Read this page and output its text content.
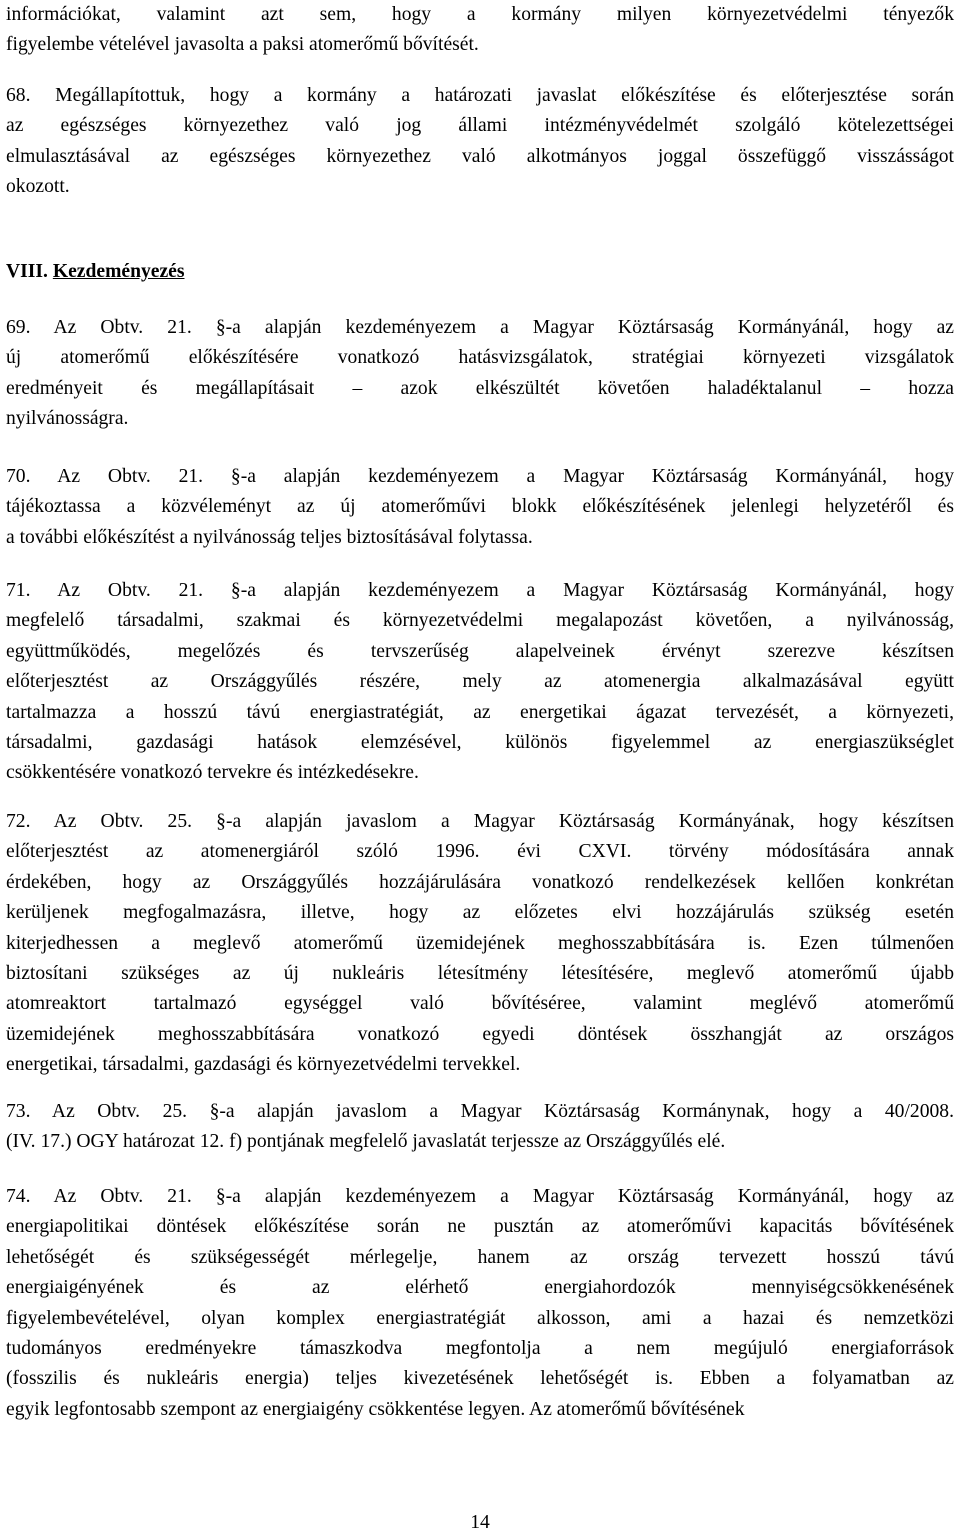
információkat, valamint azt sem, hogy a kormány milyen környezetvédelmi tényezők
figyelembe vételével javasolta a paksi atomerőmű bővítését.
68. Megállapítottuk, hogy a kormány a határozati javaslat előkészítése és előterjesztése során
az egészséges környezethez való jog állami intézményvédelmét szolgáló kötelezettségei
elmulasztásával az egészséges környezethez való alkotmányos joggal összefüggő visszásságot
okozott.
VIII. Kezdeményezés
69. Az Obtv. 21. §-a alapján kezdeményezem a Magyar Köztársaság Kormányánál, hogy az
új atomerőmű előkészítésére vonatkozó hatásvizsgálatok, stratégiai környezeti vizsgálatok
eredményeit és megállapításait – azok elkészültét követően haladéktalanul – hozza
nyilvánosságra.
70. Az Obtv. 21. §-a alapján kezdeményezem a Magyar Köztársaság Kormányánál, hogy
tájékoztassa a közvéleményt az új atomerőművi blokk előkészítésének jelenlegi helyzetéről és
a további előkészítést a nyilvánosság teljes biztosításával folytassa.
71. Az Obtv. 21. §-a alapján kezdeményezem a Magyar Köztársaság Kormányánál, hogy
megfelelő társadalmi, szakmai és környezetvédelmi megalapozást követően, a nyilvánosság,
együttműködés, megelőzés és tervszerűség alapelveinek érvényt szerezve készítsen
előterjesztést az Országgyűlés részére, mely az atomenergia alkalmazásával együtt
tartalmazza a hosszú távú energiastratégiát, az energetikai ágazat tervezését, a környezeti,
társadalmi, gazdasági hatások elemzésével, különös figyelemmel az energiaszükséglet
csökkentésére vonatkozó tervekre és intézkedésekre.
72. Az Obtv. 25. §-a alapján javaslom a Magyar Köztársaság Kormányának, hogy készítsen
előterjesztést az atomenergiáról szóló 1996. évi CXVI. törvény módosítására annak
érdekében, hogy az Országgyűlés hozzájárulására vonatkozó rendelkezések kellően konkrétan
kerüljenek megfogalmazásra, illetve, hogy az előzetes elvi hozzájárulás szükség esetén
kiterjedhessen a meglevő atomerőmű üzemidejének meghosszabbítására is. Ezen túlmenően
biztosítani szükséges az új nukleáris létesítmény létesítésére, meglevő atomerőmű újabb
atomreaktort tartalmazó egységgel való bővítéséree, valamint meglévő atomerőmű
üzemidejének meghosszabbítására vonatkozó egyedi döntések összhangját az országos
energetikai, társadalmi, gazdasági és környezetvédelmi tervekkel.
73. Az Obtv. 25. §-a alapján javaslom a Magyar Köztársaság Kormánynak, hogy a 40/2008.
(IV. 17.) OGY határozat 12. f) pontjának megfelelő javaslatát terjessze az Országgyűlés elé.
74. Az Obtv. 21. §-a alapján kezdeményezem a Magyar Köztársaság Kormányánál, hogy az
energiapolitikai döntések előkészítése során ne pusztán az atomerőművi kapacitás bővítésének
lehetőségét és szükségességét mérlegelje, hanem az ország tervezett hosszú távú
energiaigényének és az elérhető energiahordozók mennyiségcsökkenésének
figyelembevételével, olyan komplex energiastratégiát alkosson, ami a hazai és nemzetközi
tudományos eredményekre támaszkodva megfontolja a nem megújuló energiaforrások
(fosszilis és nukleáris energia) teljes kivezetésének lehetőségét is. Ebben a folyamatban az
egyik legfontosabb szempont az energiaigény csökkentése legyen. Az atomerőmű bővítésének
14
